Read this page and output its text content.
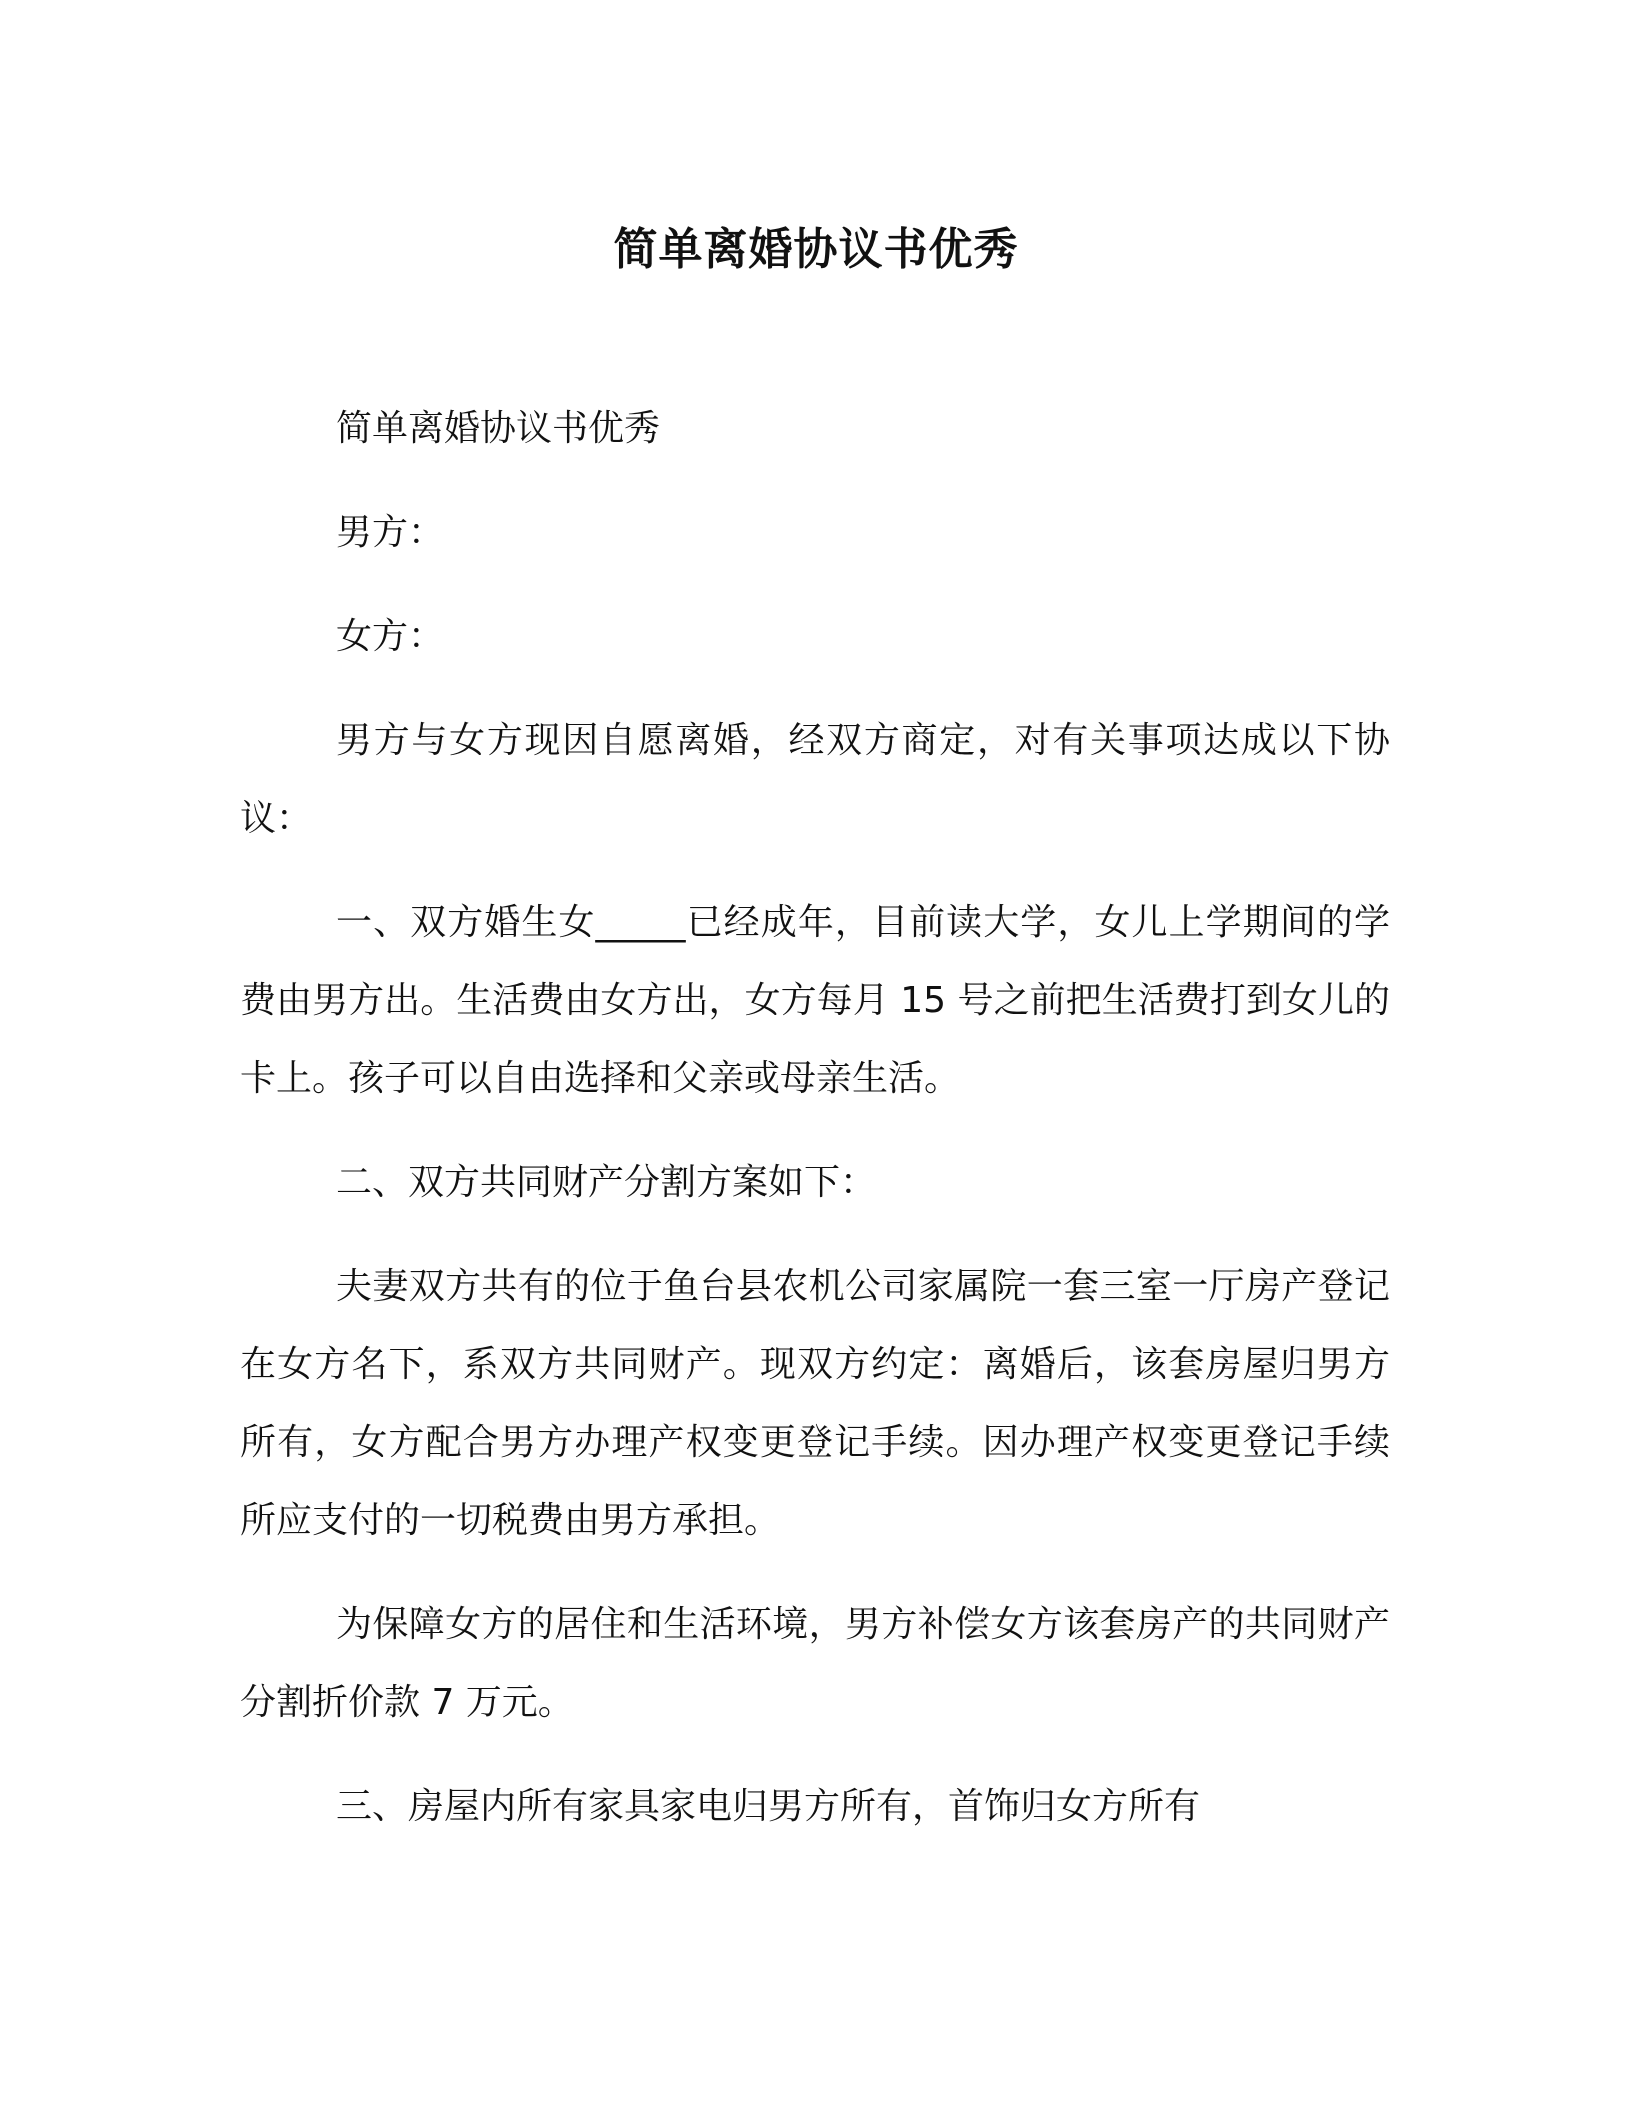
简单离婚协议书优秀

简单离婚协议书优秀

男方：

女方：

男方与女方现因自愿离婚，经双方商定，对有关事项达成以下协议：

一、双方婚生女_____已经成年，目前读大学，女儿上学期间的学费由男方出。生活费由女方出，女方每月 15 号之前把生活费打到女儿的卡上。孩子可以自由选择和父亲或母亲生活。

二、双方共同财产分割方案如下：

夫妻双方共有的位于鱼台县农机公司家属院一套三室一厅房产登记在女方名下，系双方共同财产。现双方约定：离婚后，该套房屋归男方所有，女方配合男方办理产权变更登记手续。因办理产权变更登记手续所应支付的一切税费由男方承担。

为保障女方的居住和生活环境，男方补偿女方该套房产的共同财产分割折价款 7 万元。

三、房屋内所有家具家电归男方所有，首饰归女方所有
